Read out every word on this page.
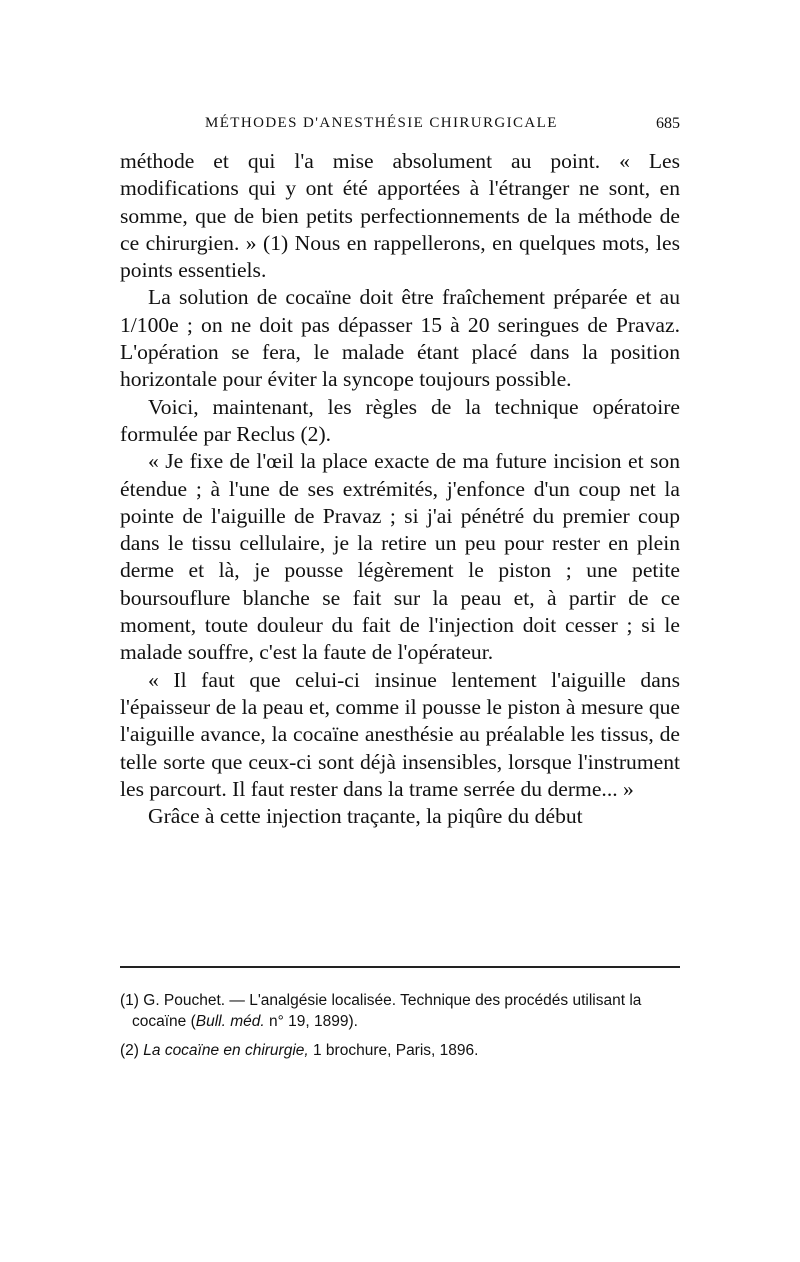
MÉTHODES D'ANESTHÉSIE CHIRURGICALE	685

méthode et qui l'a mise absolument au point. « Les modifications qui y ont été apportées à l'étranger ne sont, en somme, que de bien petits perfectionnements de la méthode de ce chirurgien. » (1) Nous en rappellerons, en quelques mots, les points essentiels.

La solution de cocaïne doit être fraîchement préparée et au 1/100e ; on ne doit pas dépasser 15 à 20 seringues de Pravaz. L'opération se fera, le malade étant placé dans la position horizontale pour éviter la syncope toujours possible.

Voici, maintenant, les règles de la technique opératoire formulée par Reclus (2).

« Je fixe de l'œil la place exacte de ma future incision et son étendue ; à l'une de ses extrémités, j'enfonce d'un coup net la pointe de l'aiguille de Pravaz ; si j'ai pénétré du premier coup dans le tissu cellulaire, je la retire un peu pour rester en plein derme et là, je pousse légèrement le piston ; une petite boursouflure blanche se fait sur la peau et, à partir de ce moment, toute douleur du fait de l'injection doit cesser ; si le malade souffre, c'est la faute de l'opérateur.

« Il faut que celui-ci insinue lentement l'aiguille dans l'épaisseur de la peau et, comme il pousse le piston à mesure que l'aiguille avance, la cocaïne anesthésie au préalable les tissus, de telle sorte que ceux-ci sont déjà insensibles, lorsque l'instrument les parcourt. Il faut rester dans la trame serrée du derme... »

Grâce à cette injection traçante, la piqûre du début

(1) G. Pouchet. — L'analgésie localisée. Technique des procédés utilisant la cocaïne (Bull. méd. n° 19, 1899).

(2) La cocaïne en chirurgie, 1 brochure, Paris, 1896.
